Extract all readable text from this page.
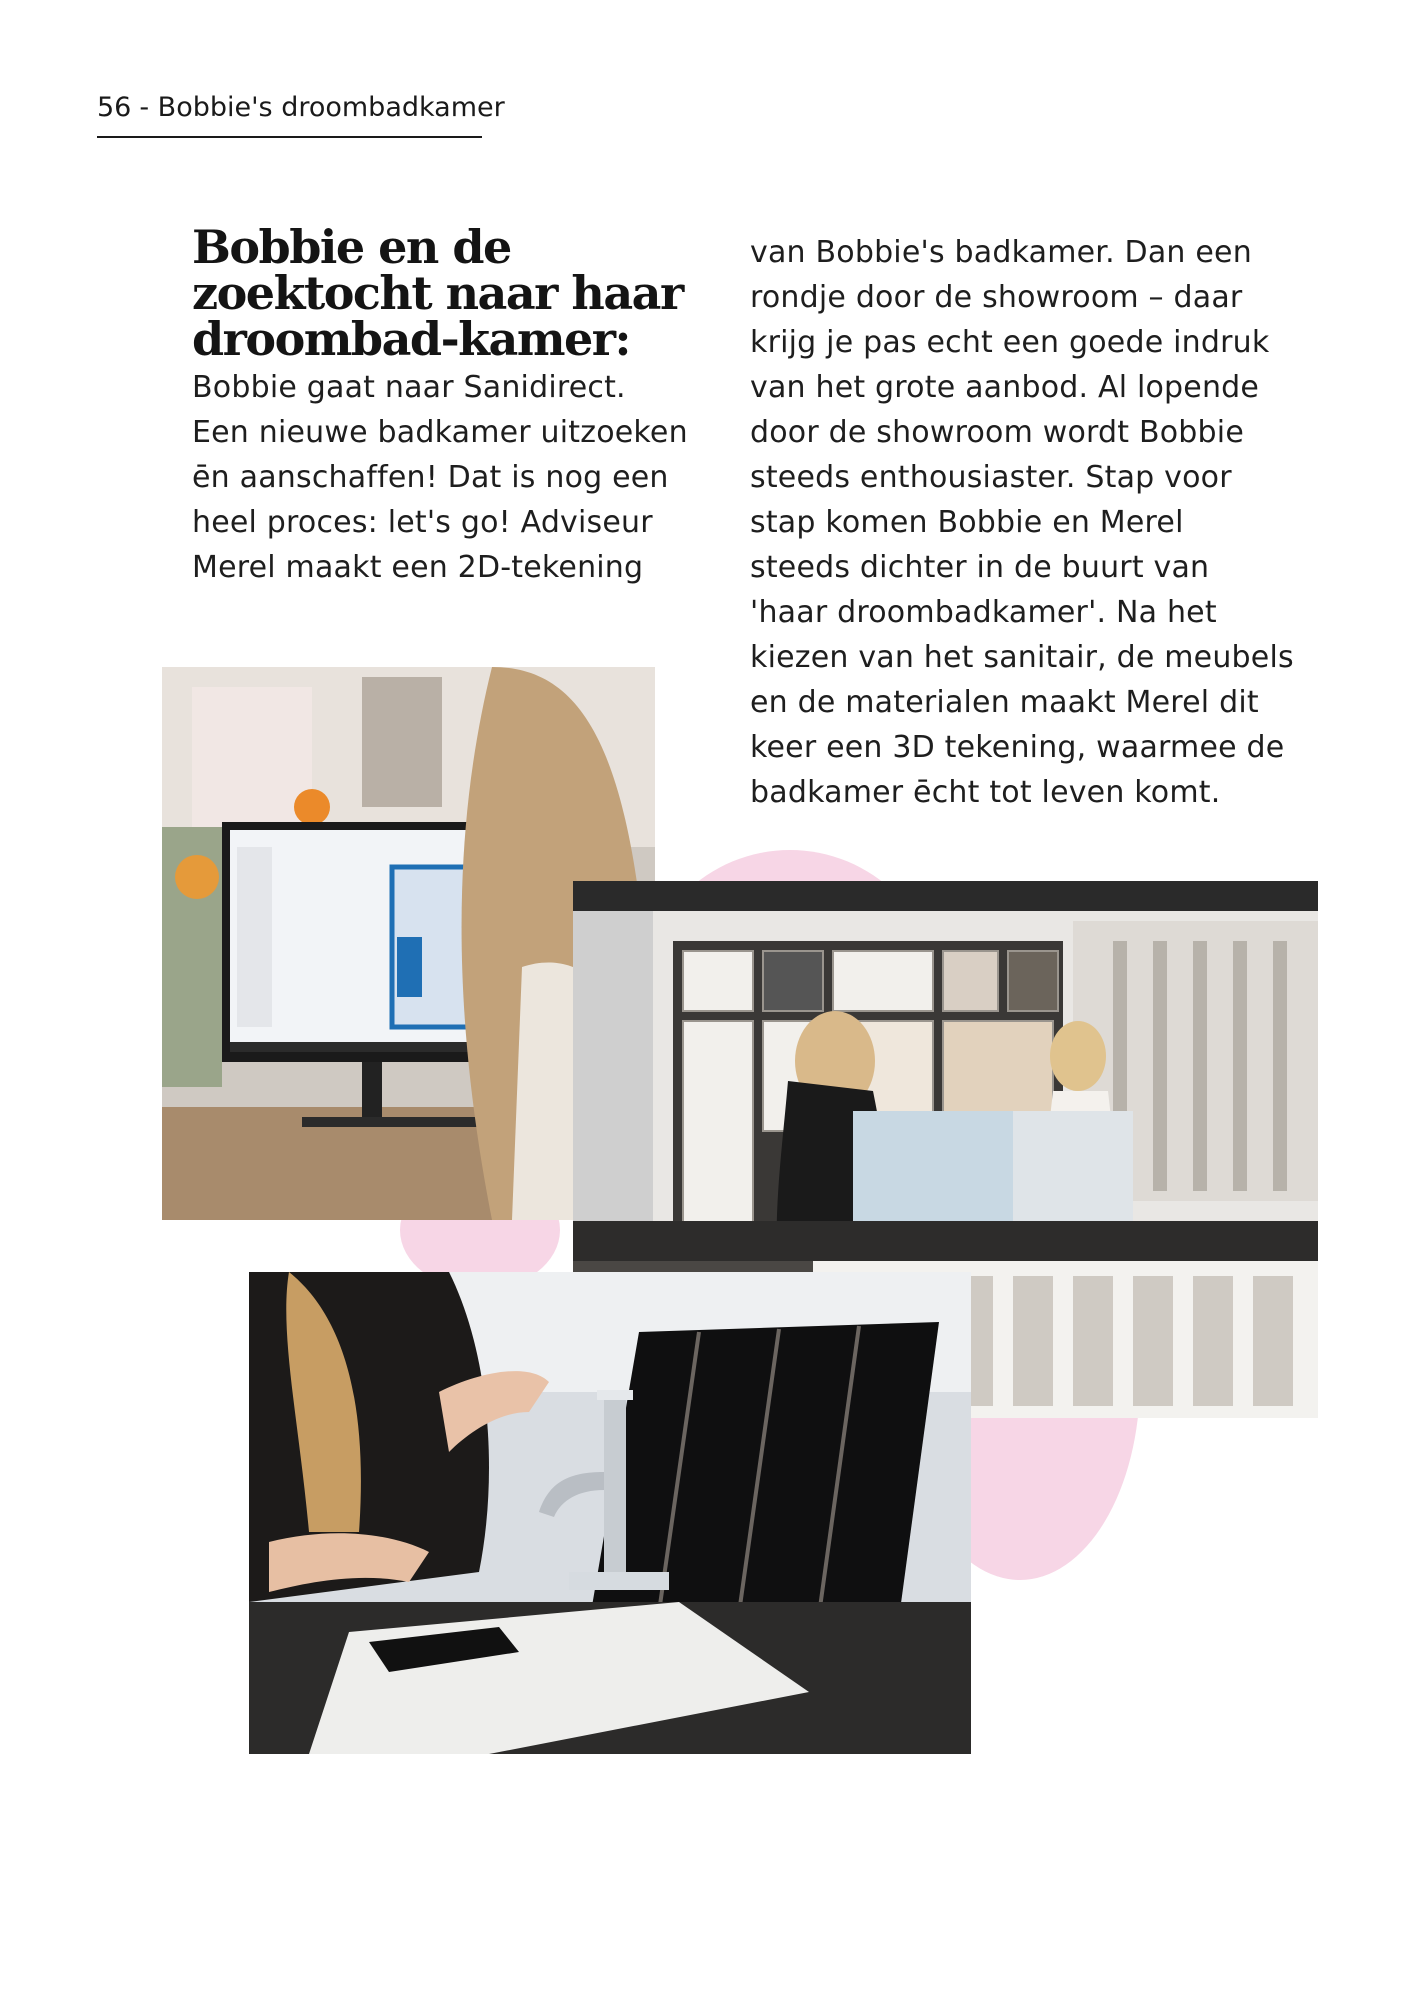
56 - Bobbie's droombadkamer
Bobbie en de zoektocht naar haar droombad-kamer:

Bobbie gaat naar Sanidirect.
Een nieuwe badkamer uitzoeken
ēn aanschaffen! Dat is nog een
heel proces: let's go! Adviseur
Merel maakt een 2D-tekening

van Bobbie's badkamer. Dan een
rondje door de showroom – daar
krijg je pas echt een goede indruk
van het grote aanbod. Al lopende
door de showroom wordt Bobbie
steeds enthousiaster. Stap voor
stap komen Bobbie en Merel
steeds dichter in de buurt van
'haar droombadkamer'. Na het
kiezen van het sanitair, de meubels
en de materialen maakt Merel dit
keer een 3D tekening, waarmee de
badkamer ēcht tot leven komt.
